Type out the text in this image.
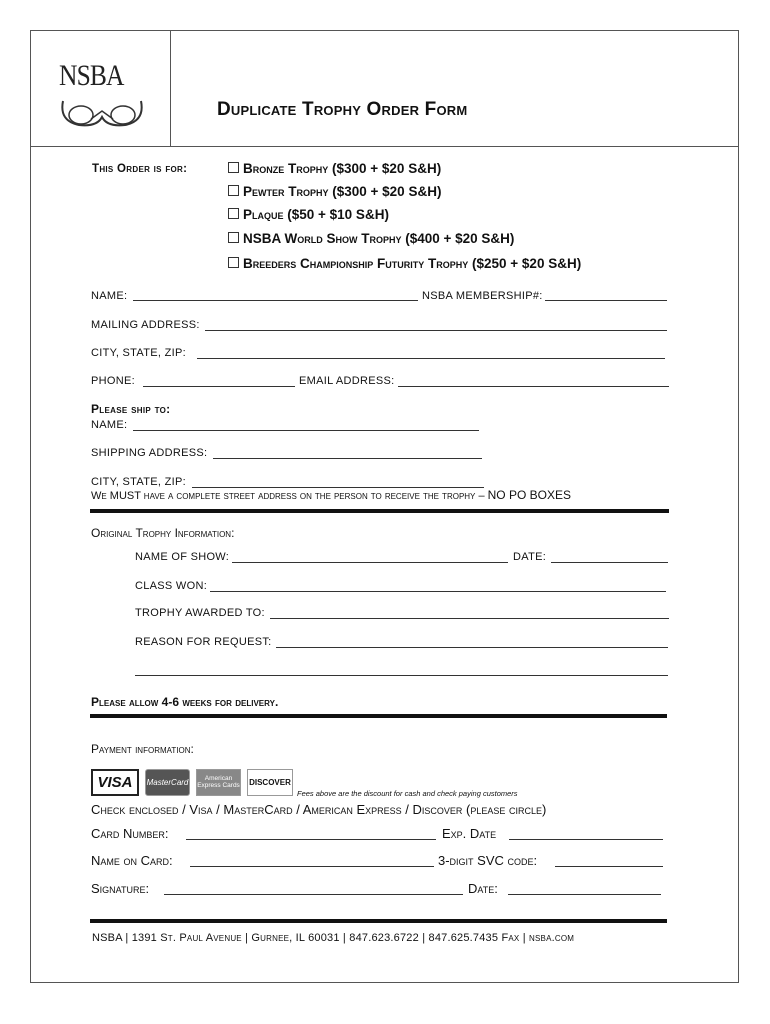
NSBA
Duplicate Trophy Order Form
This Order is for:	Bronze Trophy ($300 + $20 S&H)
Pewter Trophy ($300 + $20 S&H)
Plaque ($50 + $10 S&H)
NSBA World Show Trophy ($400 + $20 S&H)
Breeders Championship Futurity Trophy ($250 + $20 S&H)
NAME:	NSBA MEMBERSHIP#:
MAILING ADDRESS:
CITY, STATE, ZIP:
PHONE:	EMAIL ADDRESS:
Please ship to:
NAME:
SHIPPING ADDRESS:
CITY, STATE, ZIP:
We MUST have a complete street address on the person to receive the trophy – NO PO BOXES
Original Trophy Information:
NAME OF SHOW:	DATE:
CLASS WON:
TROPHY AWARDED TO:
REASON FOR REQUEST:
Please allow 4-6 weeks for delivery.
Payment information:
VISA	MasterCard	American Express Cards DISCOVER
Fees above are the discount for cash and check paying customers
Check enclosed / Visa / MasterCard / American Express / Discover (please circle)
Card Number:	Exp. Date
Name on Card:	3-digit SVC code:
Signature:	Date:
NSBA | 1391 St. Paul Avenue | Gurnee, IL 60031 | 847.623.6722 | 847.625.7435 Fax | nsba.com
